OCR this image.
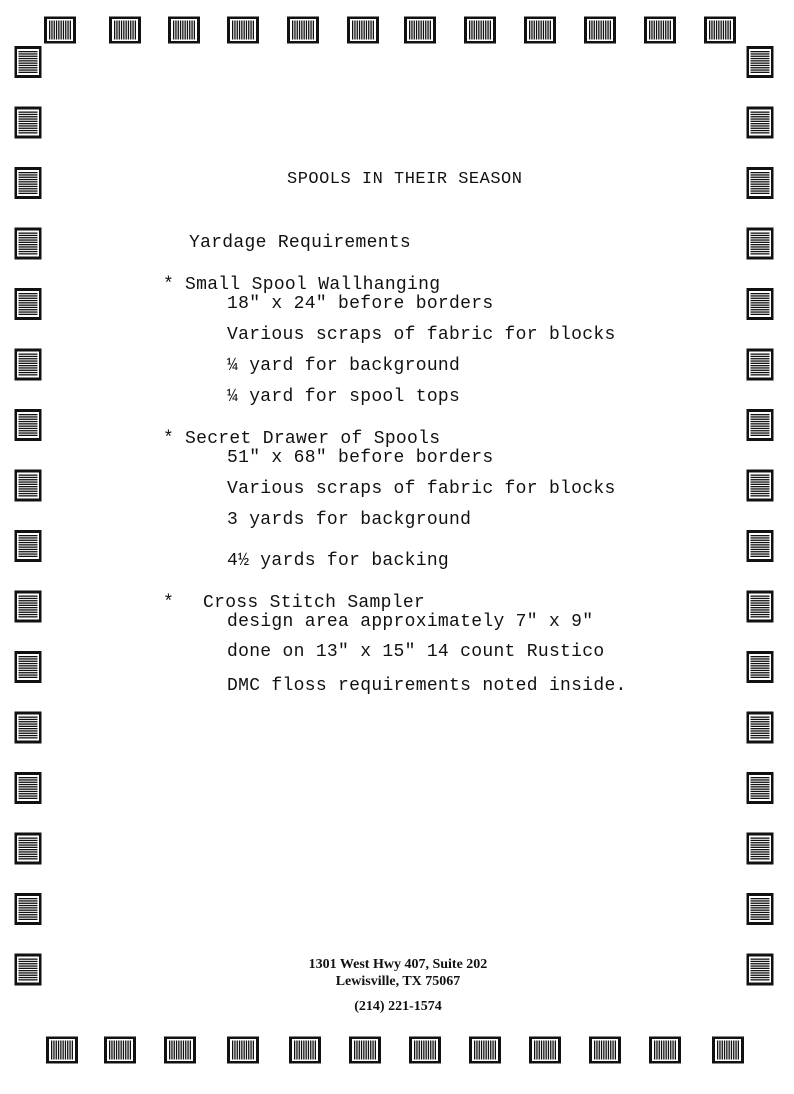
SPOOLS IN THEIR SEASON
Yardage Requirements
* Small Spool Wallhanging
18" x 24" before borders
Various scraps of fabric for blocks
¼ yard for background
¼ yard for spool tops
* Secret Drawer of Spools
51" x 68" before borders
Various scraps of fabric for blocks
3 yards for background
4½ yards for backing
* Cross Stitch Sampler
design area approximately 7" x 9"
done on 13" x 15" 14 count Rustico
DMC floss requirements noted inside.
1301 West Hwy 407, Suite 202
Lewisville, TX 75067
(214) 221-1574
